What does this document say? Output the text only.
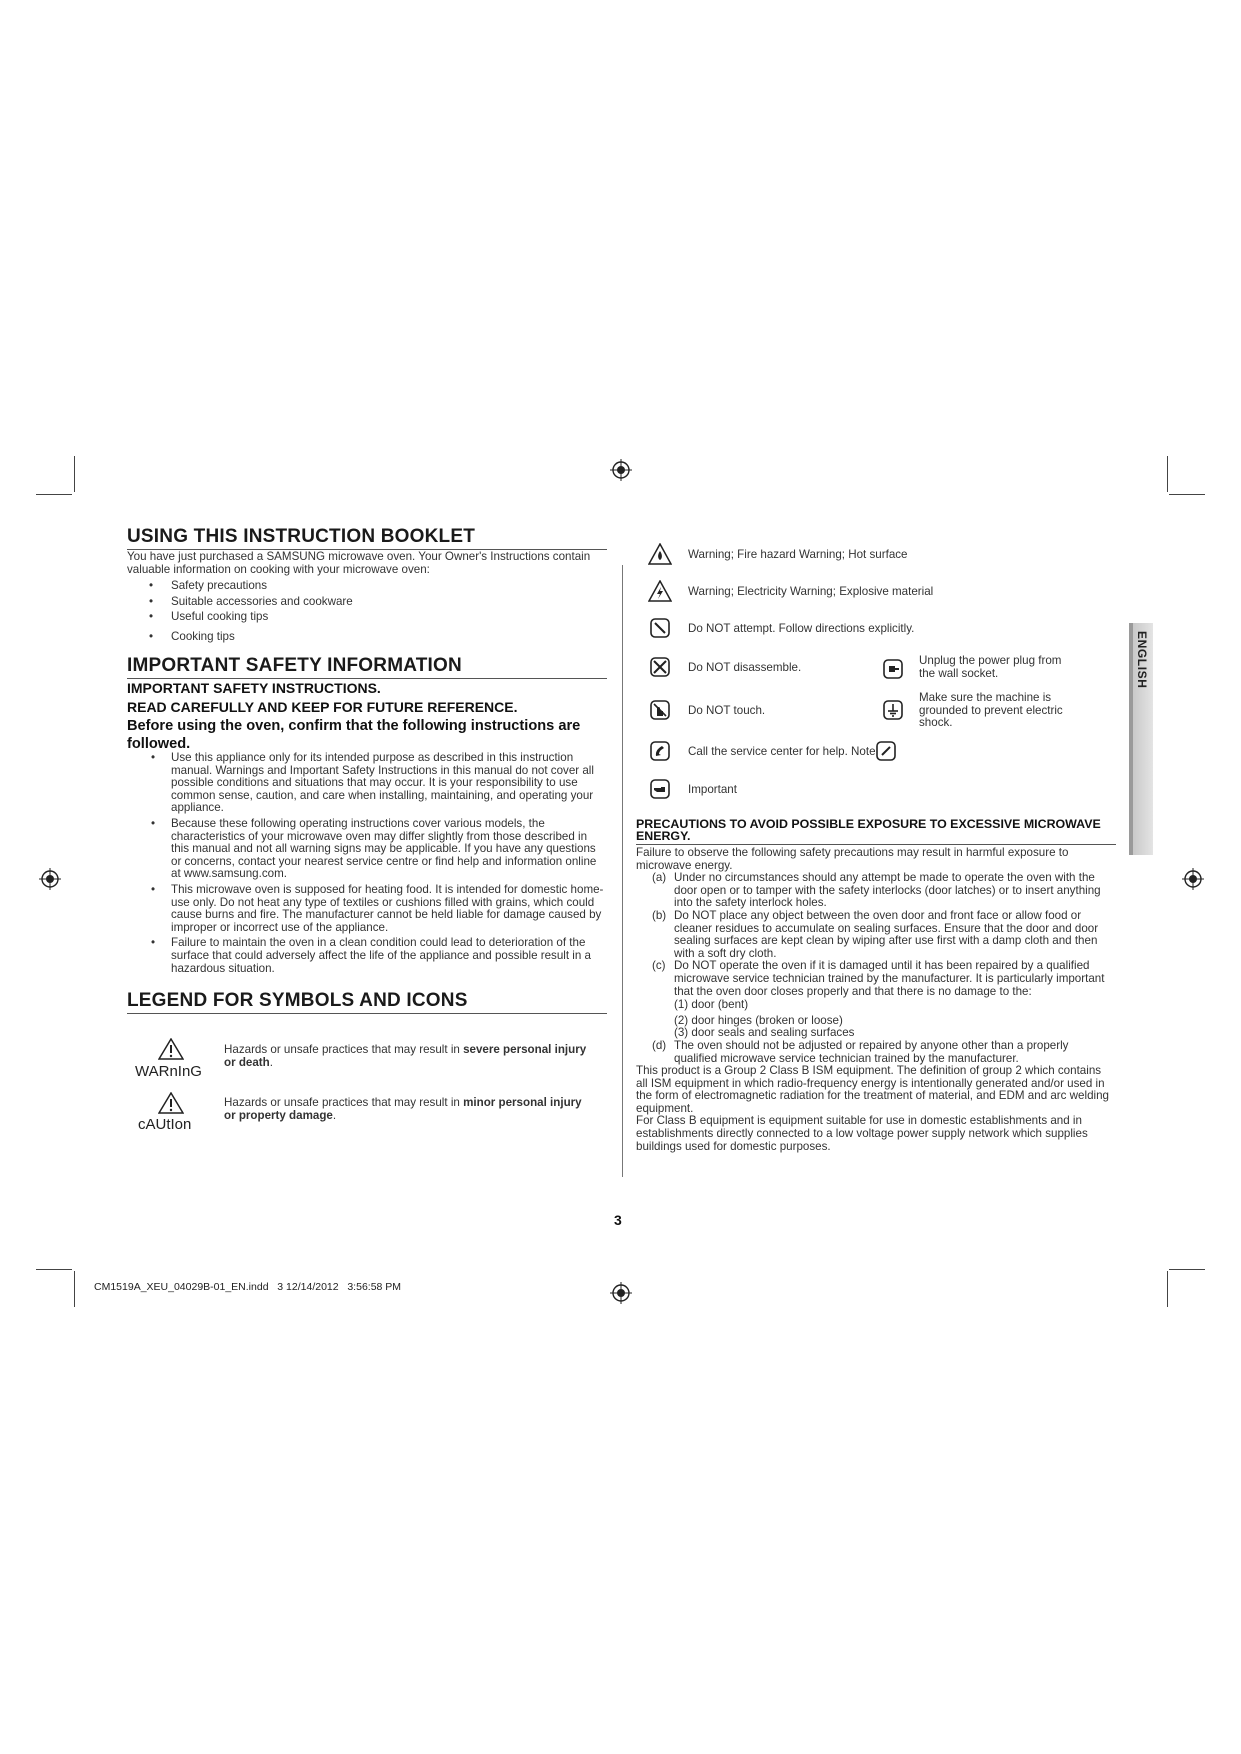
USING THIS INSTRUCTION BOOKLET
You have just purchased a SAMSUNG microwave oven. Your Owner's Instructions contain valuable information on cooking with your microwave oven:
• Safety precautions
• Suitable accessories and cookware
• Useful cooking tips
• Cooking tips
IMPORTANT SAFETY INFORMATION
IMPORTANT SAFETY INSTRUCTIONS.
READ CAREFULLY AND KEEP FOR FUTURE REFERENCE.
Before using the oven, confirm that the following instructions are followed.
• Use this appliance only for its intended purpose as described in this instruction manual. Warnings and Important Safety Instructions in this manual do not cover all possible conditions and situations that may occur. It is your responsibility to use common sense, caution, and care when installing, maintaining, and operating your appliance.
• Because these following operating instructions cover various models, the characteristics of your microwave oven may differ slightly from those described in this manual and not all warning signs may be applicable. If you have any questions or concerns, contact your nearest service centre or find help and information online at www.samsung.com.
• This microwave oven is supposed for heating food. It is intended for domestic home-use only. Do not heat any type of textiles or cushions filled with grains, which could cause burns and fire. The manufacturer cannot be held liable for damage caused by improper or incorrect use of the appliance.
• Failure to maintain the oven in a clean condition could lead to deterioration of the surface that could adversely affect the life of the appliance and possible result in a hazardous situation.
LEGEND FOR SYMBOLS AND ICONS
WARnInG
Hazards or unsafe practices that may result in severe personal injury or death.
cAUtIon
Hazards or unsafe practices that may result in minor personal injury or property damage.
Warning; Fire hazard Warning; Hot surface
Warning; Electricity Warning; Explosive material
Do NOT attempt. Follow directions explicitly.
Do NOT disassemble.	Unplug the power plug from the wall socket.
Do NOT touch.
Make sure the machine is grounded to prevent electric shock.
Call the service center for help. Note
Important
PRECAUTIONS TO AVOID POSSIBLE EXPOSURE TO EXCESSIVE MICROWAVE ENERGY.
Failure to observe the following safety precautions may result in harmful exposure to microwave energy.
(a) Under no circumstances should any attempt be made to operate the oven with the door open or to tamper with the safety interlocks (door latches) or to insert anything into the safety interlock holes.
(b) Do NOT place any object between the oven door and front face or allow food or cleaner residues to accumulate on sealing surfaces. Ensure that the door and door sealing surfaces are kept clean by wiping after use first with a damp cloth and then with a soft dry cloth.
(c) Do NOT operate the oven if it is damaged until it has been repaired by a qualified microwave service technician trained by the manufacturer. It is particularly important that the oven door closes properly and that there is no damage to the:
(1) door (bent)
(2) door hinges (broken or loose)
(3) door seals and sealing surfaces
(d) The oven should not be adjusted or repaired by anyone other than a properly qualified microwave service technician trained by the manufacturer.
This product is a Group 2 Class B ISM equipment. The definition of group 2 which contains all ISM equipment in which radio-frequency energy is intentionally generated and/or used in the form of electromagnetic radiation for the treatment of material, and EDM and arc welding equipment.
For Class B equipment is equipment suitable for use in domestic establishments and in establishments directly connected to a low voltage power supply network which supplies buildings used for domestic purposes.
ENGLISH
3
CM1519A_XEU_04029B-01_EN.indd   3 12/14/2012   3:56:58 PM
